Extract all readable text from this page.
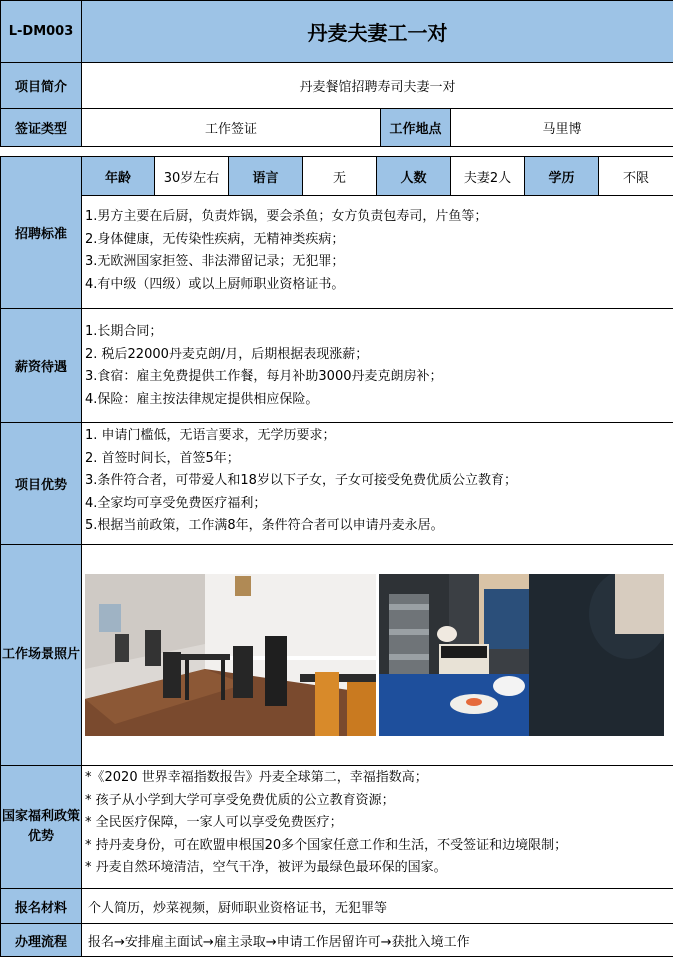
L-DM003	丹麦夫妻工一对		
项目简介	丹麦餐馆招聘寿司夫妻一对		
签证类型	工作签证	工作地点	马里博
招聘标准	年龄	30岁左右	语言	无	人数	夫妻2人	学历	不限

	1.男方主要在后厨，负责炸锅，要会杀鱼；女方负责包寿司，片鱼等；
2.身体健康，无传染性疾病，无精神类疾病；
3.无欧洲国家拒签、非法滞留记录；无犯罪；
4.有中级（四级）或以上厨师职业资格证书。							

薪资待遇	1.长期合同；
2. 税后22000丹麦克朗/月，后期根据表现涨薪；
3.食宿：雇主免费提供工作餐，每月补助3000丹麦克朗房补；
4.保险：雇主按法律规定提供相应保险。							

项目优势	1. 申请门槛低，无语言要求，无学历要求；
2. 首签时间长，首签5年；
3.条件符合者，可带爱人和18岁以下子女，子女可接受免费优质公立教育；
4.全家均可享受免费医疗福利；
5.根据当前政策，工作满8年，条件符合者可以申请丹麦永居。							

工作场景照片	

国家福利政策优势	*《2020 世界幸福指数报告》丹麦全球第二，幸福指数高；
* 孩子从小学到大学可享受免费优质的公立教育资源；
* 全民医疗保障，一家人可以享受免费医疗；
* 持丹麦身份，可在欧盟申根国20多个国家任意工作和生活，不受签证和边境限制；
* 丹麦自然环境清洁，空气干净，被评为最绿色最环保的国家。							

报名材料	个人简历，炒菜视频，厨师职业资格证书，无犯罪等							
办理流程	报名→安排雇主面试→雇主录取→申请工作居留许可→获批入境工作							
